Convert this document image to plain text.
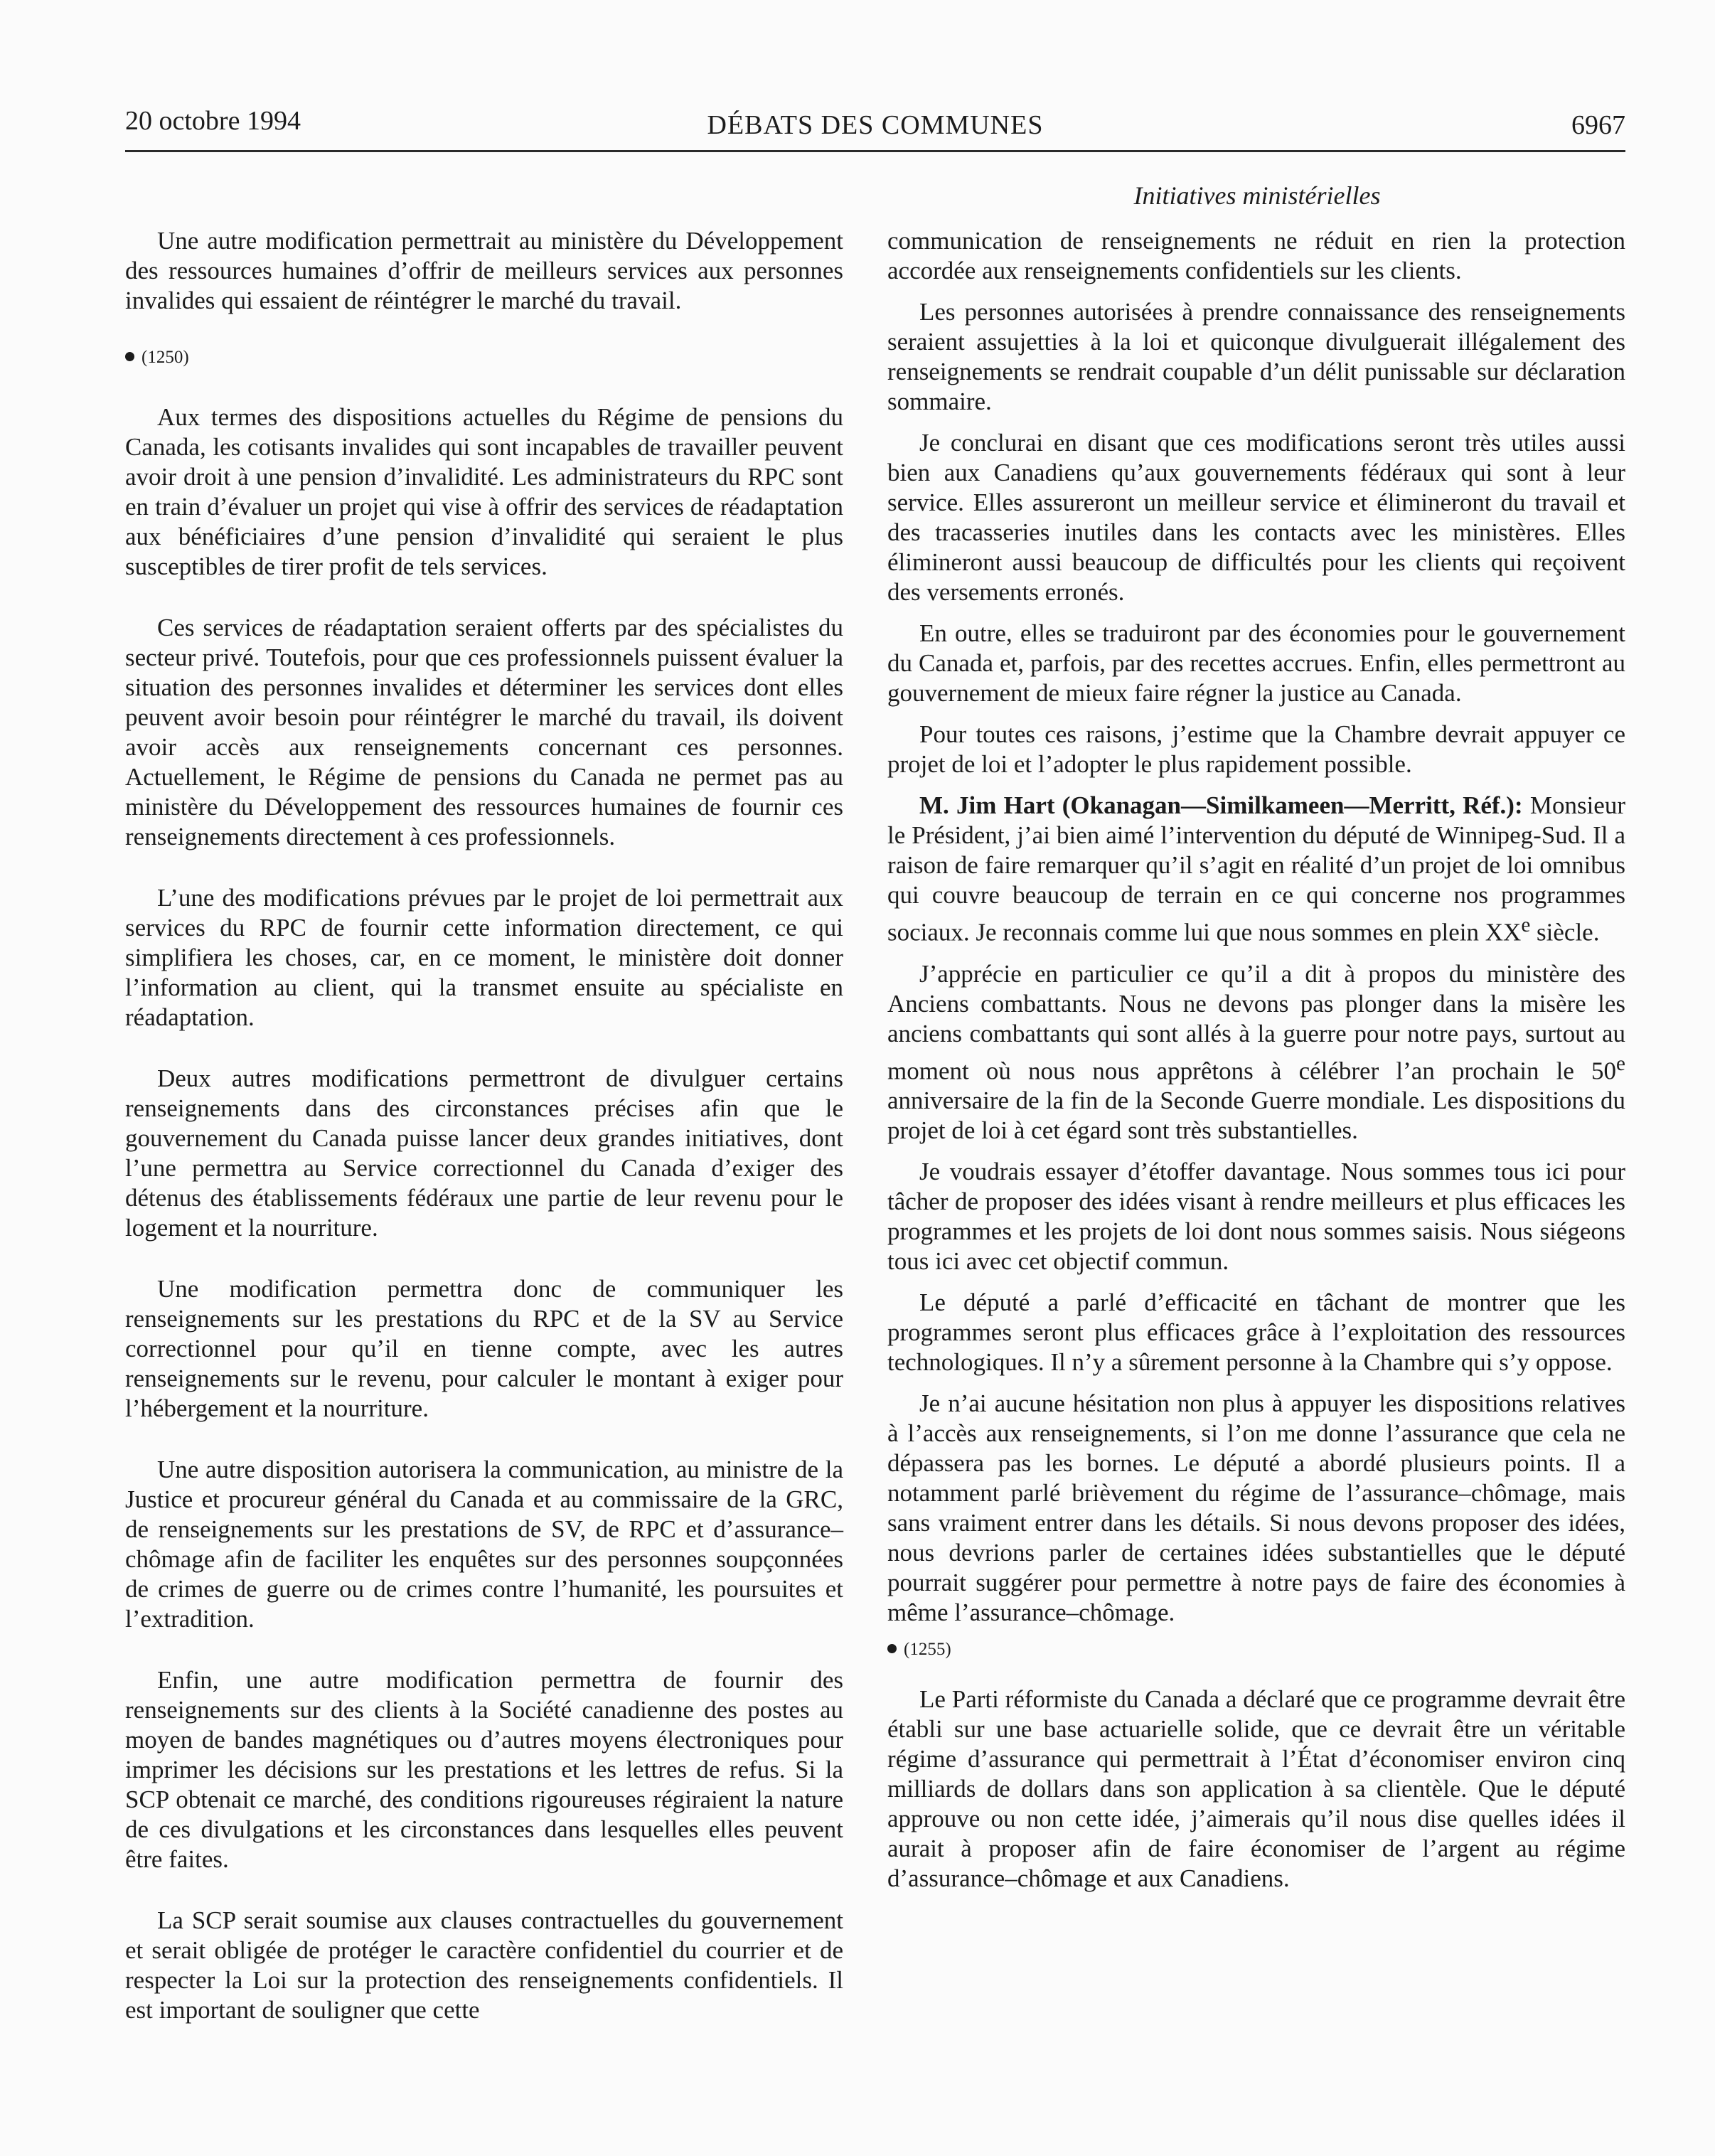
20 octobre 1994	DÉBATS DES COMMUNES	6967
Initiatives ministérielles

Une autre modification permettrait au ministère du Développement des ressources humaines d’offrir de meilleurs services aux personnes invalides qui essaient de réintégrer le marché du travail.

(1250)

Aux termes des dispositions actuelles du Régime de pensions du Canada, les cotisants invalides qui sont incapables de travailler peuvent avoir droit à une pension d’invalidité. Les administrateurs du RPC sont en train d’évaluer un projet qui vise à offrir des services de réadaptation aux bénéficiaires d’une pension d’invalidité qui seraient le plus susceptibles de tirer profit de tels services.

Ces services de réadaptation seraient offerts par des spécialistes du secteur privé. Toutefois, pour que ces professionnels puissent évaluer la situation des personnes invalides et déterminer les services dont elles peuvent avoir besoin pour réintégrer le marché du travail, ils doivent avoir accès aux renseignements concernant ces personnes. Actuellement, le Régime de pensions du Canada ne permet pas au ministère du Développement des ressources humaines de fournir ces renseignements directement à ces professionnels.

L’une des modifications prévues par le projet de loi permettrait aux services du RPC de fournir cette information directement, ce qui simplifiera les choses, car, en ce moment, le ministère doit donner l’information au client, qui la transmet ensuite au spécialiste en réadaptation.

Deux autres modifications permettront de divulguer certains renseignements dans des circonstances précises afin que le gouvernement du Canada puisse lancer deux grandes initiatives, dont l’une permettra au Service correctionnel du Canada d’exiger des détenus des établissements fédéraux une partie de leur revenu pour le logement et la nourriture.

Une modification permettra donc de communiquer les renseignements sur les prestations du RPC et de la SV au Service correctionnel pour qu’il en tienne compte, avec les autres renseignements sur le revenu, pour calculer le montant à exiger pour l’hébergement et la nourriture.

Une autre disposition autorisera la communication, au ministre de la Justice et procureur général du Canada et au commissaire de la GRC, de renseignements sur les prestations de SV, de RPC et d’assurance–chômage afin de faciliter les enquêtes sur des personnes soupçonnées de crimes de guerre ou de crimes contre l’humanité, les poursuites et l’extradition.

Enfin, une autre modification permettra de fournir des renseignements sur des clients à la Société canadienne des postes au moyen de bandes magnétiques ou d’autres moyens électroniques pour imprimer les décisions sur les prestations et les lettres de refus. Si la SCP obtenait ce marché, des conditions rigoureuses régiraient la nature de ces divulgations et les circonstances dans lesquelles elles peuvent être faites.

La SCP serait soumise aux clauses contractuelles du gouvernement et serait obligée de protéger le caractère confidentiel du courrier et de respecter la Loi sur la protection des renseignements confidentiels. Il est important de souligner que cette

communication de renseignements ne réduit en rien la protection accordée aux renseignements confidentiels sur les clients.

Les personnes autorisées à prendre connaissance des renseignements seraient assujetties à la loi et quiconque divulguerait illégalement des renseignements se rendrait coupable d’un délit punissable sur déclaration sommaire.

Je conclurai en disant que ces modifications seront très utiles aussi bien aux Canadiens qu’aux gouvernements fédéraux qui sont à leur service. Elles assureront un meilleur service et élimineront du travail et des tracasseries inutiles dans les contacts avec les ministères. Elles élimineront aussi beaucoup de difficultés pour les clients qui reçoivent des versements erronés.

En outre, elles se traduiront par des économies pour le gouvernement du Canada et, parfois, par des recettes accrues. Enfin, elles permettront au gouvernement de mieux faire régner la justice au Canada.

Pour toutes ces raisons, j’estime que la Chambre devrait appuyer ce projet de loi et l’adopter le plus rapidement possible.

M. Jim Hart (Okanagan—Similkameen—Merritt, Réf.): Monsieur le Président, j’ai bien aimé l’intervention du député de Winnipeg-Sud. Il a raison de faire remarquer qu’il s’agit en réalité d’un projet de loi omnibus qui couvre beaucoup de terrain en ce qui concerne nos programmes sociaux. Je reconnais comme lui que nous sommes en plein XXe siècle.

J’apprécie en particulier ce qu’il a dit à propos du ministère des Anciens combattants. Nous ne devons pas plonger dans la misère les anciens combattants qui sont allés à la guerre pour notre pays, surtout au moment où nous nous apprêtons à célébrer l’an prochain le 50e anniversaire de la fin de la Seconde Guerre mondiale. Les dispositions du projet de loi à cet égard sont très substantielles.

Je voudrais essayer d’étoffer davantage. Nous sommes tous ici pour tâcher de proposer des idées visant à rendre meilleurs et plus efficaces les programmes et les projets de loi dont nous sommes saisis. Nous siégeons tous ici avec cet objectif commun.

Le député a parlé d’efficacité en tâchant de montrer que les programmes seront plus efficaces grâce à l’exploitation des ressources technologiques. Il n’y a sûrement personne à la Chambre qui s’y oppose.

Je n’ai aucune hésitation non plus à appuyer les dispositions relatives à l’accès aux renseignements, si l’on me donne l’assurance que cela ne dépassera pas les bornes. Le député a abordé plusieurs points. Il a notamment parlé brièvement du régime de l’assurance–chômage, mais sans vraiment entrer dans les détails. Si nous devons proposer des idées, nous devrions parler de certaines idées substantielles que le député pourrait suggérer pour permettre à notre pays de faire des économies à même l’assurance–chômage.

(1255)

Le Parti réformiste du Canada a déclaré que ce programme devrait être établi sur une base actuarielle solide, que ce devrait être un véritable régime d’assurance qui permettrait à l’État d’économiser environ cinq milliards de dollars dans son application à sa clientèle. Que le député approuve ou non cette idée, j’aimerais qu’il nous dise quelles idées il aurait à proposer afin de faire économiser de l’argent au régime d’assurance–chômage et aux Canadiens.
